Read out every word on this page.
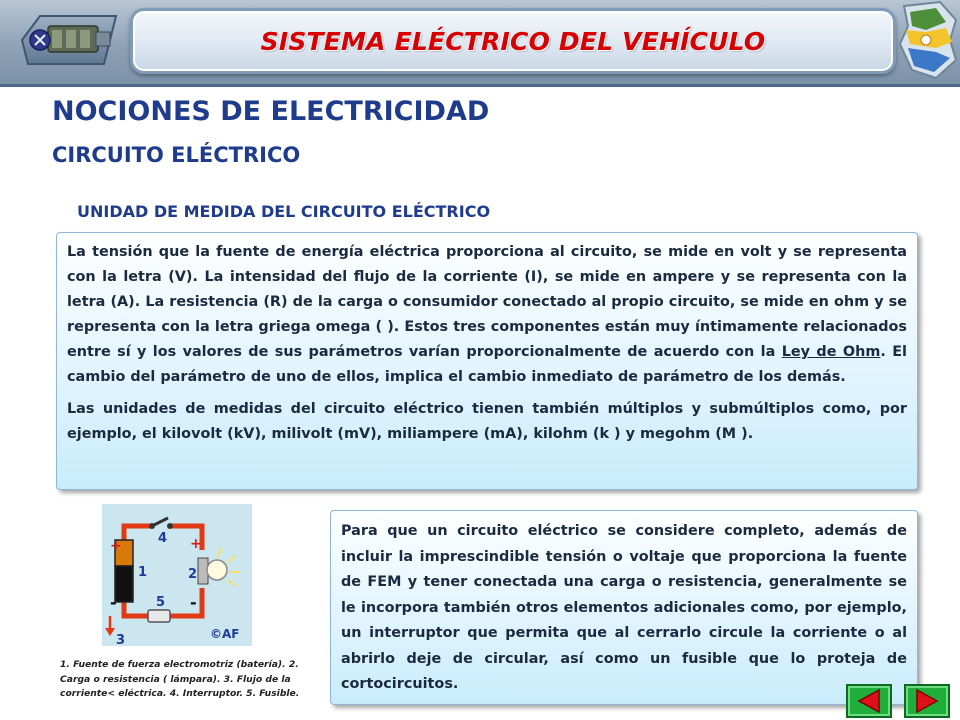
SISTEMA ELÉCTRICO DEL VEHÍCULO
NOCIONES DE ELECTRICIDAD
CIRCUITO ELÉCTRICO
UNIDAD DE MEDIDA DEL CIRCUITO ELÉCTRICO

La tensión que la fuente de energía eléctrica proporciona al circuito, se mide en volt y se representa con la letra (V). La intensidad del flujo de la corriente (I), se mide en ampere y se representa con la letra (A). La resistencia (R) de la carga o consumidor conectado al propio circuito, se mide en ohm y se representa con la letra griega omega ( ). Estos tres componentes están muy íntimamente relacionados entre sí y los valores de sus parámetros varían proporcionalmente de acuerdo con la Ley de Ohm. El cambio del parámetro de uno de ellos, implica el cambio inmediato de parámetro de los demás.

Las unidades de medidas del circuito eléctrico tienen también múltiplos y submúltiplos como, por ejemplo, el kilovolt (kV), milivolt (mV), miliampere (mA), kilohm (k ) y megohm (M ).

+
-
1
+
2
-
3
4
5
©AF
1. Fuente de fuerza electromotriz (batería). 2. Carga o resistencia ( lámpara). 3. Flujo de la corriente< eléctrica. 4. Interruptor. 5. Fusible.

Para que un circuito eléctrico se considere completo, además de incluir la imprescindible tensión o voltaje que proporciona la fuente de FEM y tener conectada una carga o resistencia, generalmente se le incorpora también otros elementos adicionales como, por ejemplo, un interruptor que permita que al cerrarlo circule la corriente o al abrirlo deje de circular, así como un fusible que lo proteja de cortocircuitos.
